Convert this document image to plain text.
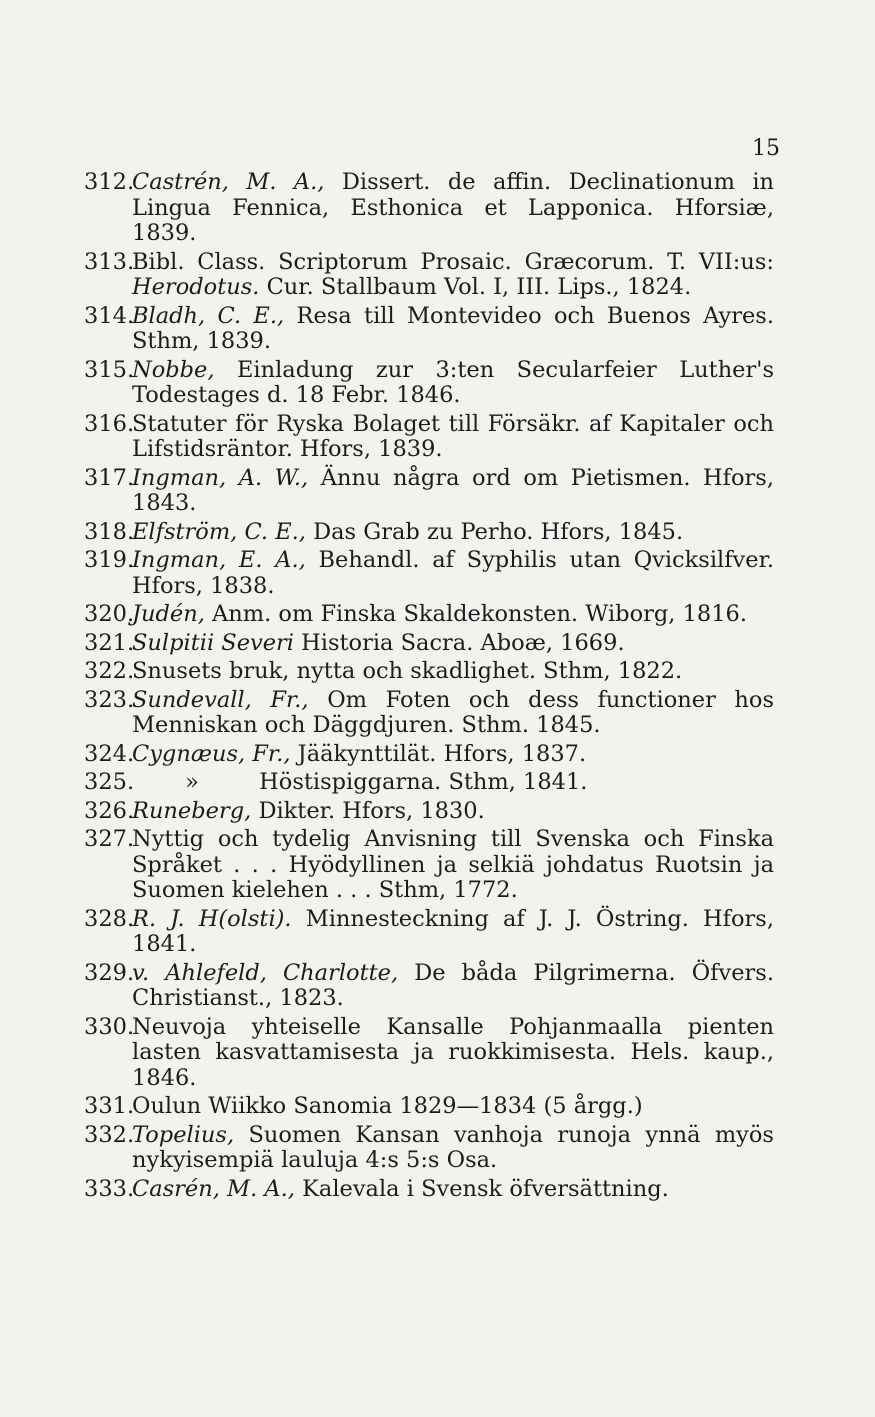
15
312.
Castrén, M. A., Dissert. de affin. Declinationum in Lingua Fennica, Esthonica et Lapponica. Hforsiæ, 1839.
313.
Bibl. Class. Scriptorum Prosaic. Græcorum. T. VII:us: Herodotus. Cur. Stallbaum Vol. I, III. Lips., 1824.
314.
Bladh, C. E., Resa till Montevideo och Buenos Ayres. Sthm, 1839.
315.
Nobbe, Einladung zur 3:ten Secularfeier Luther's Todestages d. 18 Febr. 1846.
316.
Statuter för Ryska Bolaget till Försäkr. af Kapitaler och Lifstidsräntor. Hfors, 1839.
317.
Ingman, A. W., Ännu några ord om Pietismen. Hfors, 1843.
318.
Elfström, C. E., Das Grab zu Perho. Hfors, 1845.
319.
Ingman, E. A., Behandl. af Syphilis utan Qvicksilfver. Hfors, 1838.
320.
Judén, Anm. om Finska Skaldekonsten. Wiborg, 1816.
321.
Sulpitii Severi Historia Sacra. Aboæ, 1669.
322.
Snusets bruk, nytta och skadlighet. Sthm, 1822.
323.
Sundevall, Fr., Om Foten och dess functioner hos Menniskan och Däggdjuren. Sthm. 1845.
324.
Cygnæus, Fr., Jääkynttilät. Hfors, 1837.
325.	»	Höstispiggarna. Sthm, 1841.
326.
Runeberg, Dikter. Hfors, 1830.
327.
Nyttig och tydelig Anvisning till Svenska och Finska Språket . . . Hyödyllinen ja selkiä johdatus Ruotsin ja Suomen kielehen . . . Sthm, 1772.
328.
R. J. H(olsti). Minnesteckning af J. J. Östring. Hfors, 1841.
329.
v. Ahlefeld, Charlotte, De båda Pilgrimerna. Öfvers. Christianst., 1823.
330.
Neuvoja yhteiselle Kansalle Pohjanmaalla pienten lasten kasvattamisesta ja ruokkimisesta. Hels. kaup., 1846.
331.
Oulun Wiikko Sanomia 1829—1834 (5 årgg.)
332.
Topelius, Suomen Kansan vanhoja runoja ynnä myös nykyisempiä lauluja 4:s 5:s Osa.
333.
Casrén, M. A., Kalevala i Svensk öfversättning.
